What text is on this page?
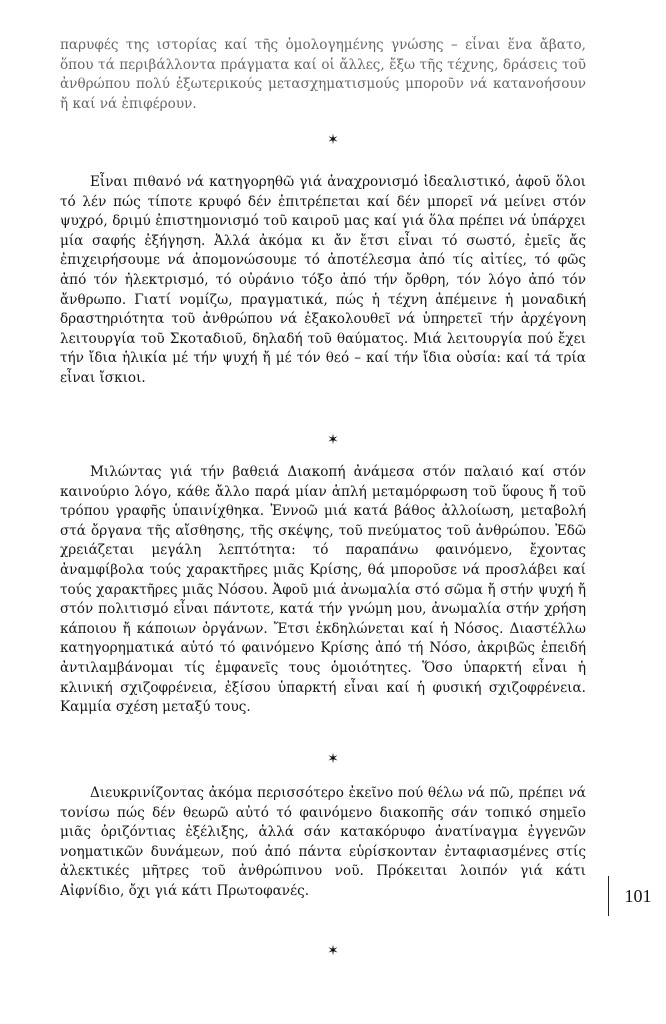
παρυφές της ιστορίας καί τῆς ὁμολογημένης γνώσης – εἶναι ἕνα ἄβατο, ὅπου τά περιβάλλοντα πράγματα καί οἱ ἄλλες, ἔξω τῆς τέχνης, δράσεις τοῦ ἀνθρώπου πολύ ἐξωτερικούς μετασχηματισμούς μποροῦν νά κατανοήσουν ἤ καί νά ἐπιφέρουν.

✶

Εἶναι πιθανό νά κατηγορηθῶ γιά ἀναχρονισμό ἰδεαλιστικό, ἀφοῦ ὅλοι τό λέν πώς τίποτε κρυφό δέν ἐπιτρέπεται καί δέν μπορεῖ νά μείνει στόν ψυχρό, δριμύ ἐπιστημονισμό τοῦ καιροῦ μας καί γιά ὅλα πρέπει νά ὑπάρχει μία σαφής ἐξήγηση. Ἀλλά ἀκόμα κι ἄν ἔτσι εἶναι τό σωστό, ἐμεῖς ἄς ἐπιχειρήσουμε νά ἀπομονώσουμε τό ἀποτέλεσμα ἀπό τίς αἰτίες, τό φῶς ἀπό τόν ἠλεκτρισμό, τό οὐράνιο τόξο ἀπό τήν ὄρθρη, τόν λόγο ἀπό τόν ἄνθρωπο. Γιατί νομίζω, πραγματικά, πώς ἡ τέχνη ἀπέμεινε ἡ μοναδική δραστηριότητα τοῦ ἀνθρώπου νά ἐξακολουθεῖ νά ὑπηρετεῖ τήν ἀρχέγονη λειτουργία τοῦ Σκοταδιοῦ, δηλαδή τοῦ θαύματος. Μιά λειτουργία πού ἔχει τήν ἴδια ἡλικία μέ τήν ψυχή ἤ μέ τόν θεό – καί τήν ἴδια οὐσία: καί τά τρία εἶναι ἴσκιοι.

✶

Μιλώντας γιά τήν βαθειά Διακοπή ἀνάμεσα στόν παλαιό καί στόν καινούριο λόγο, κάθε ἄλλο παρά μίαν ἁπλή μεταμόρφωση τοῦ ὕφους ἤ τοῦ τρόπου γραφῆς ὑπαινίχθηκα. Ἐννοῶ μιά κατά βάθος ἀλλοίωση, μεταβολή στά ὄργανα τῆς αἴσθησης, τῆς σκέψης, τοῦ πνεύματος τοῦ ἀνθρώπου. Ἐδῶ χρειάζεται μεγάλη λεπτότητα: τό παραπάνω φαινόμενο, ἔχοντας ἀναμφίβολα τούς χαρακτῆρες μιᾶς Κρίσης, θά μποροῦσε νά προσλάβει καί τούς χαρακτῆρες μιᾶς Νόσου. Ἀφοῦ μιά ἀνωμαλία στό σῶμα ἤ στήν ψυχή ἤ στόν πολιτισμό εἶναι πάντοτε, κατά τήν γνώμη μου, ἀνωμαλία στήν χρήση κάποιου ἤ κάποιων ὀργάνων. Ἔτσι ἐκδηλώνεται καί ἡ Νόσος. Διαστέλλω κατηγορηματικά αὐτό τό φαινόμενο Κρίσης ἀπό τή Νόσο, ἀκριβῶς ἐπειδή ἀντιλαμβάνομαι τίς ἐμφανεῖς τους ὁμοιότητες. Ὅσο ὑπαρκτή εἶναι ἡ κλινική σχιζοφρένεια, ἐξίσου ὑπαρκτή εἶναι καί ἡ φυσική σχιζοφρένεια. Καμμία σχέση μεταξύ τους.

✶

Διευκρινίζοντας ἀκόμα περισσότερο ἐκεῖνο πού θέλω νά πῶ, πρέπει νά τονίσω πώς δέν θεωρῶ αὐτό τό φαινόμενο διακοπῆς σάν τοπικό σημεῖο μιᾶς ὁριζόντιας ἐξέλιξης, ἀλλά σάν κατακόρυφο ἀνατίναγμα ἐγγενῶν νοηματικῶν δυνάμεων, πού ἀπό πάντα εὑρίσκονταν ἐνταφιασμένες στίς ἀλεκτικές μῆτρες τοῦ ἀνθρώπινου νοῦ. Πρόκειται λοιπόν γιά κάτι Αἰφνίδιο, ὄχι γιά κάτι Πρωτοφανές.	101
✶
